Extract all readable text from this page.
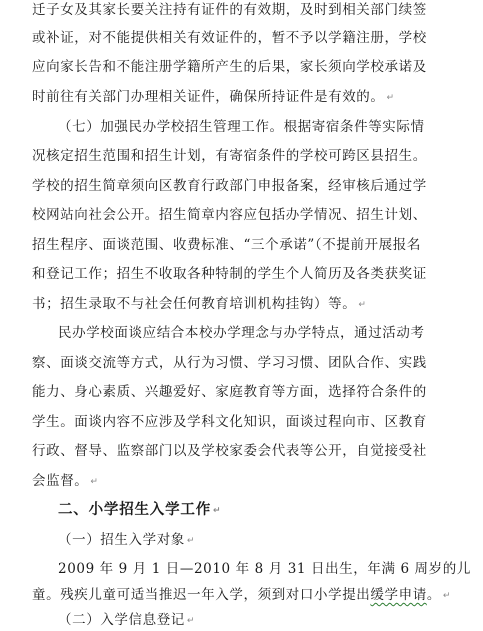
迁子女及其家长要关注持有证件的有效期，及时到相关部门续签
或补证，对不能提供相关有效证件的，暂不予以学籍注册，学校
应向家长告和不能注册学籍所产生的后果，家长须向学校承诺及
时前往有关部门办理相关证件，确保所持证件是有效的。 ↵
（七）加强民办学校招生管理工作。根据寄宿条件等实际情
况核定招生范围和招生计划，有寄宿条件的学校可跨区县招生。
学校的招生简章须向区教育行政部门申报备案，经审核后通过学
校网站向社会公开。招生简章内容应包括办学情况、招生计划、
招生程序、面谈范围、收费标准、“三个承诺”（不提前开展报名
和登记工作；招生不收取各种特制的学生个人简历及各类获奖证
书；招生录取不与社会任何教育培训机构挂钩）等。 ↵
民办学校面谈应结合本校办学理念与办学特点，通过活动考
察、面谈交流等方式，从行为习惯、学习习惯、团队合作、实践
能力、身心素质、兴趣爱好、家庭教育等方面，选择符合条件的
学生。面谈内容不应涉及学科文化知识，面谈过程向市、区教育
行政、督导、监察部门以及学校家委会代表等公开，自觉接受社
会监督。 ↵
二、小学招生入学工作 ↵
（一）招生入学对象 ↵
2009 年 9 月 1 日—2010 年 8 月 31 日出生，年满 6 周岁的儿
童。残疾儿童可适当推迟一年入学，须到对口小学提出缓学申请。 ↵
（二）入学信息登记 ↵
